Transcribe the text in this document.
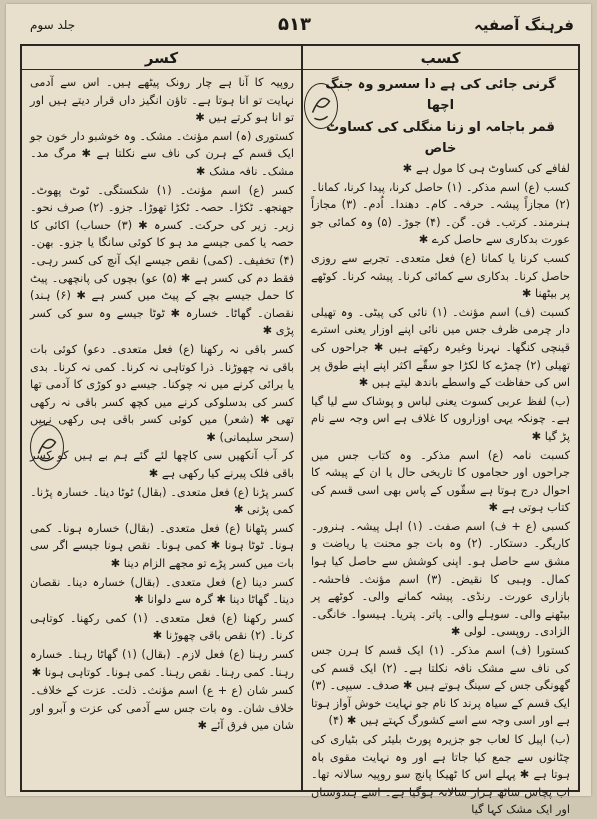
فرہنگ آصفیہ
۵۱۳
جلد سوم
کسر	کسب

گرنی جائی کی ہے دا سسرو وہ جنگ اچھا

قمر باجامہ او زنا منگلی کی کساوٹ خاص

لفافے کی کساوٹ ہی کا مول ہے ✱

کسب (ع) اسم مذکر۔ (۱) حاصل کرنا، پیدا کرنا، کمانا۔ (۲) مجازاً پیشہ۔ حرفہ۔ کام۔ دھندا۔ اُدم۔ (۳) مجازاً ہنرمند۔ کرتب۔ فن۔ گن۔ (۴) جوڑ۔ (۵) وہ کمائی جو عورت بدکاری سے حاصل کرے ✱

کسب کرنا یا کمانا (ع) فعل متعدی۔ تجربے سے روزی حاصل کرنا۔ بدکاری سے کمائی کرنا۔ پیشہ کرنا۔ کوٹھے پر بیٹھنا ✱

کسبت (ف) اسم مؤنث۔ (۱) نائی کی پیٹی۔ وہ تھیلی دار چرمی ظرف جس میں نائی اپنے اوزار یعنی استرے قینچی کنگھا۔ نہرنا وغیرہ رکھتے ہیں ✱ جراحوں کی تھیلی (۲) چمڑے کا لکڑا جو سقّے اکثر اپنے اپنے طوق پر اس کی حفاظت کے واسطے باندھ لیتے ہیں ✱

(ب) لفظ عربی کسوت یعنی لباس و پوشاک سے لیا گیا ہے۔ چونکہ یہی اوزاروں کا غلاف ہے اس وجہ سے نام پڑ گیا ✱

کسبت نامہ (ع) اسم مذکر۔ وہ کتاب جس میں جراحوں اور حجاموں کا تاریخی حال یا ان کے پیشہ کا احوال درج ہوتا ہے سقّوں کے پاس بھی اسی قسم کی کتاب ہوتی ہے ✱

کسبی (ع + ف) اسم صفت۔ (۱) اہل پیشہ۔ ہنرور۔ کاریگر۔ دستکار۔ (۲) وہ بات جو محنت یا ریاضت و مشق سے حاصل ہو۔ اپنی کوشش سے حاصل کیا ہوا کمال۔ وہبی کا نقیض۔ (۳) اسم مؤنث۔ فاحشہ۔ بازاری عورت۔ رنڈی۔ پیشہ کمانے والی۔ کوٹھے پر بیٹھنے والی۔ سوہلے والی۔ پاتر۔ پتریا۔ ہیسوا۔ خانگی۔ الزادی۔ روپسی۔ لولی ✱

کستورا (ف) اسم مذکر۔ (۱) ایک قسم کا ہرن جس کی ناف سے مشک نافہ نکلتا ہے۔ (۲) ایک قسم کی گھونگی جس کے سینگ ہوتے ہیں ✱ صدف۔ سیپی۔ (۳) ایک قسم کے سیاہ پرند کا نام جو نہایت خوش آواز ہوتا ہے اور اسی وجہ سے اسے کشورگ کہتے ہیں ✱ (۴)

(ب) اپیل کا لعاب جو جزیرہ پورٹ بلیئر کی بٹیاری کی چٹانوں سے جمع کیا جاتا ہے اور وہ نہایت مقوی باہ ہوتا ہے ✱ پہلے اس کا ٹھیکا پانچ سو روپیہ سالانہ تھا۔ اب پچاس ساٹھ ہزار سالانہ ہوگیا ہے۔ اسے ہندوستان اور ایک مشک کہا گیا

روپیہ کا آنا ہے چار رونک پیٹھے ہیں۔ اس سے آدمی نہایت تو انا ہوتا ہے۔ تاؤن انگیز داں قرار دیتے ہیں اور تو انا ہو کرتے ہیں ✱

کستوری (ہ) اسم مؤنث۔ مشک۔ وہ خوشبو دار خون جو ایک قسم کے ہرن کی ناف سے نکلتا ہے ✱ مرگ مد۔ مشک۔ نافہ مشک ✱

کسر (ع) اسم مؤنث۔ (۱) شکستگی۔ ٹوٹ پھوٹ۔ جھنجھ۔ ٹکڑا۔ حصہ۔ ٹکڑا تھوڑا۔ جزو۔ (۲) صرف نحو۔ زیر۔ زیر کی حرکت۔ کسرہ ✱ (۳) حساب) اکائی کا حصہ یا کمی جیسے مد ہو کا کوئی سانگا یا جزو۔ بھن۔ (۴) تخفیف۔ (کمی) نقص جیسے ایک آنچ کی کسر رہی۔ فقط دم کی کسر ہے ✱ (۵) عو) بچوں کی پانچھی۔ پیٹ کا حمل جیسے بچے کے پیٹ میں کسر ہے ✱ (۶) ہند) نقصان۔ گھاٹا۔ خسارہ ✱ ٹوٹا جیسے وہ سو کی کسر پڑی ✱

کسر باقی نہ رکھنا (ع) فعل متعدی۔ دعو) کوئی بات باقی نہ چھوڑنا۔ ذرا کوتاہی نہ کرنا۔ کمی نہ کرنا۔ بدی یا برائی کرنے میں نہ چوکنا۔ جیسے دو کوڑی کا آدمی تھا کسر کی بدسلوکی کرنے میں کچھ کسر باقی نہ رکھی تھی ✱ (شعر) میں کوئی کسر باقی ہی رکھی نہیں (سحر سلیمانی) ✱

کر آب آنکھیں سی کاچھا لئے گئے ہم بے ہیں کو کسر باقی فلک پیرنے کیا رکھی ہے ✱

کسر پڑنا (ع) فعل متعدی۔ (بقال) ٹوٹا دینا۔ خسارہ پڑنا۔ کمی پڑنی ✱

کسر پٹھانا (ع) فعل متعدی۔ (بقال) خسارہ ہونا۔ کمی ہونا۔ ٹوٹا ہونا ✱ کمی ہونا۔ نقص ہونا جیسے اگر سی بات میں کسر پڑے تو مجھے الزام دینا ✱

کسر دینا (ع) فعل متعدی۔ (بقال) خسارہ دینا۔ نقصان دینا۔ گھاٹا دینا ✱ گرہ سے دلوانا ✱

کسر رکھنا (ع) فعل متعدی۔ (۱) کمی رکھنا۔ کوتاہی کرنا۔ (۲) نقص باقی چھوڑنا ✱

کسر رہنا (ع) فعل لازم۔ (بقال) (۱) گھاٹا رہنا۔ خسارہ رہنا۔ کمی رہنا۔ نقص رہنا۔ کمی ہونا۔ کوتاہی ہونا ✱

کسر شان (ع + ع) اسم مؤنث۔ ذلت۔ عزت کے خلاف۔ خلاف شان۔ وہ بات جس سے آدمی کی عزت و آبرو اور شان میں فرق آئے ✱
